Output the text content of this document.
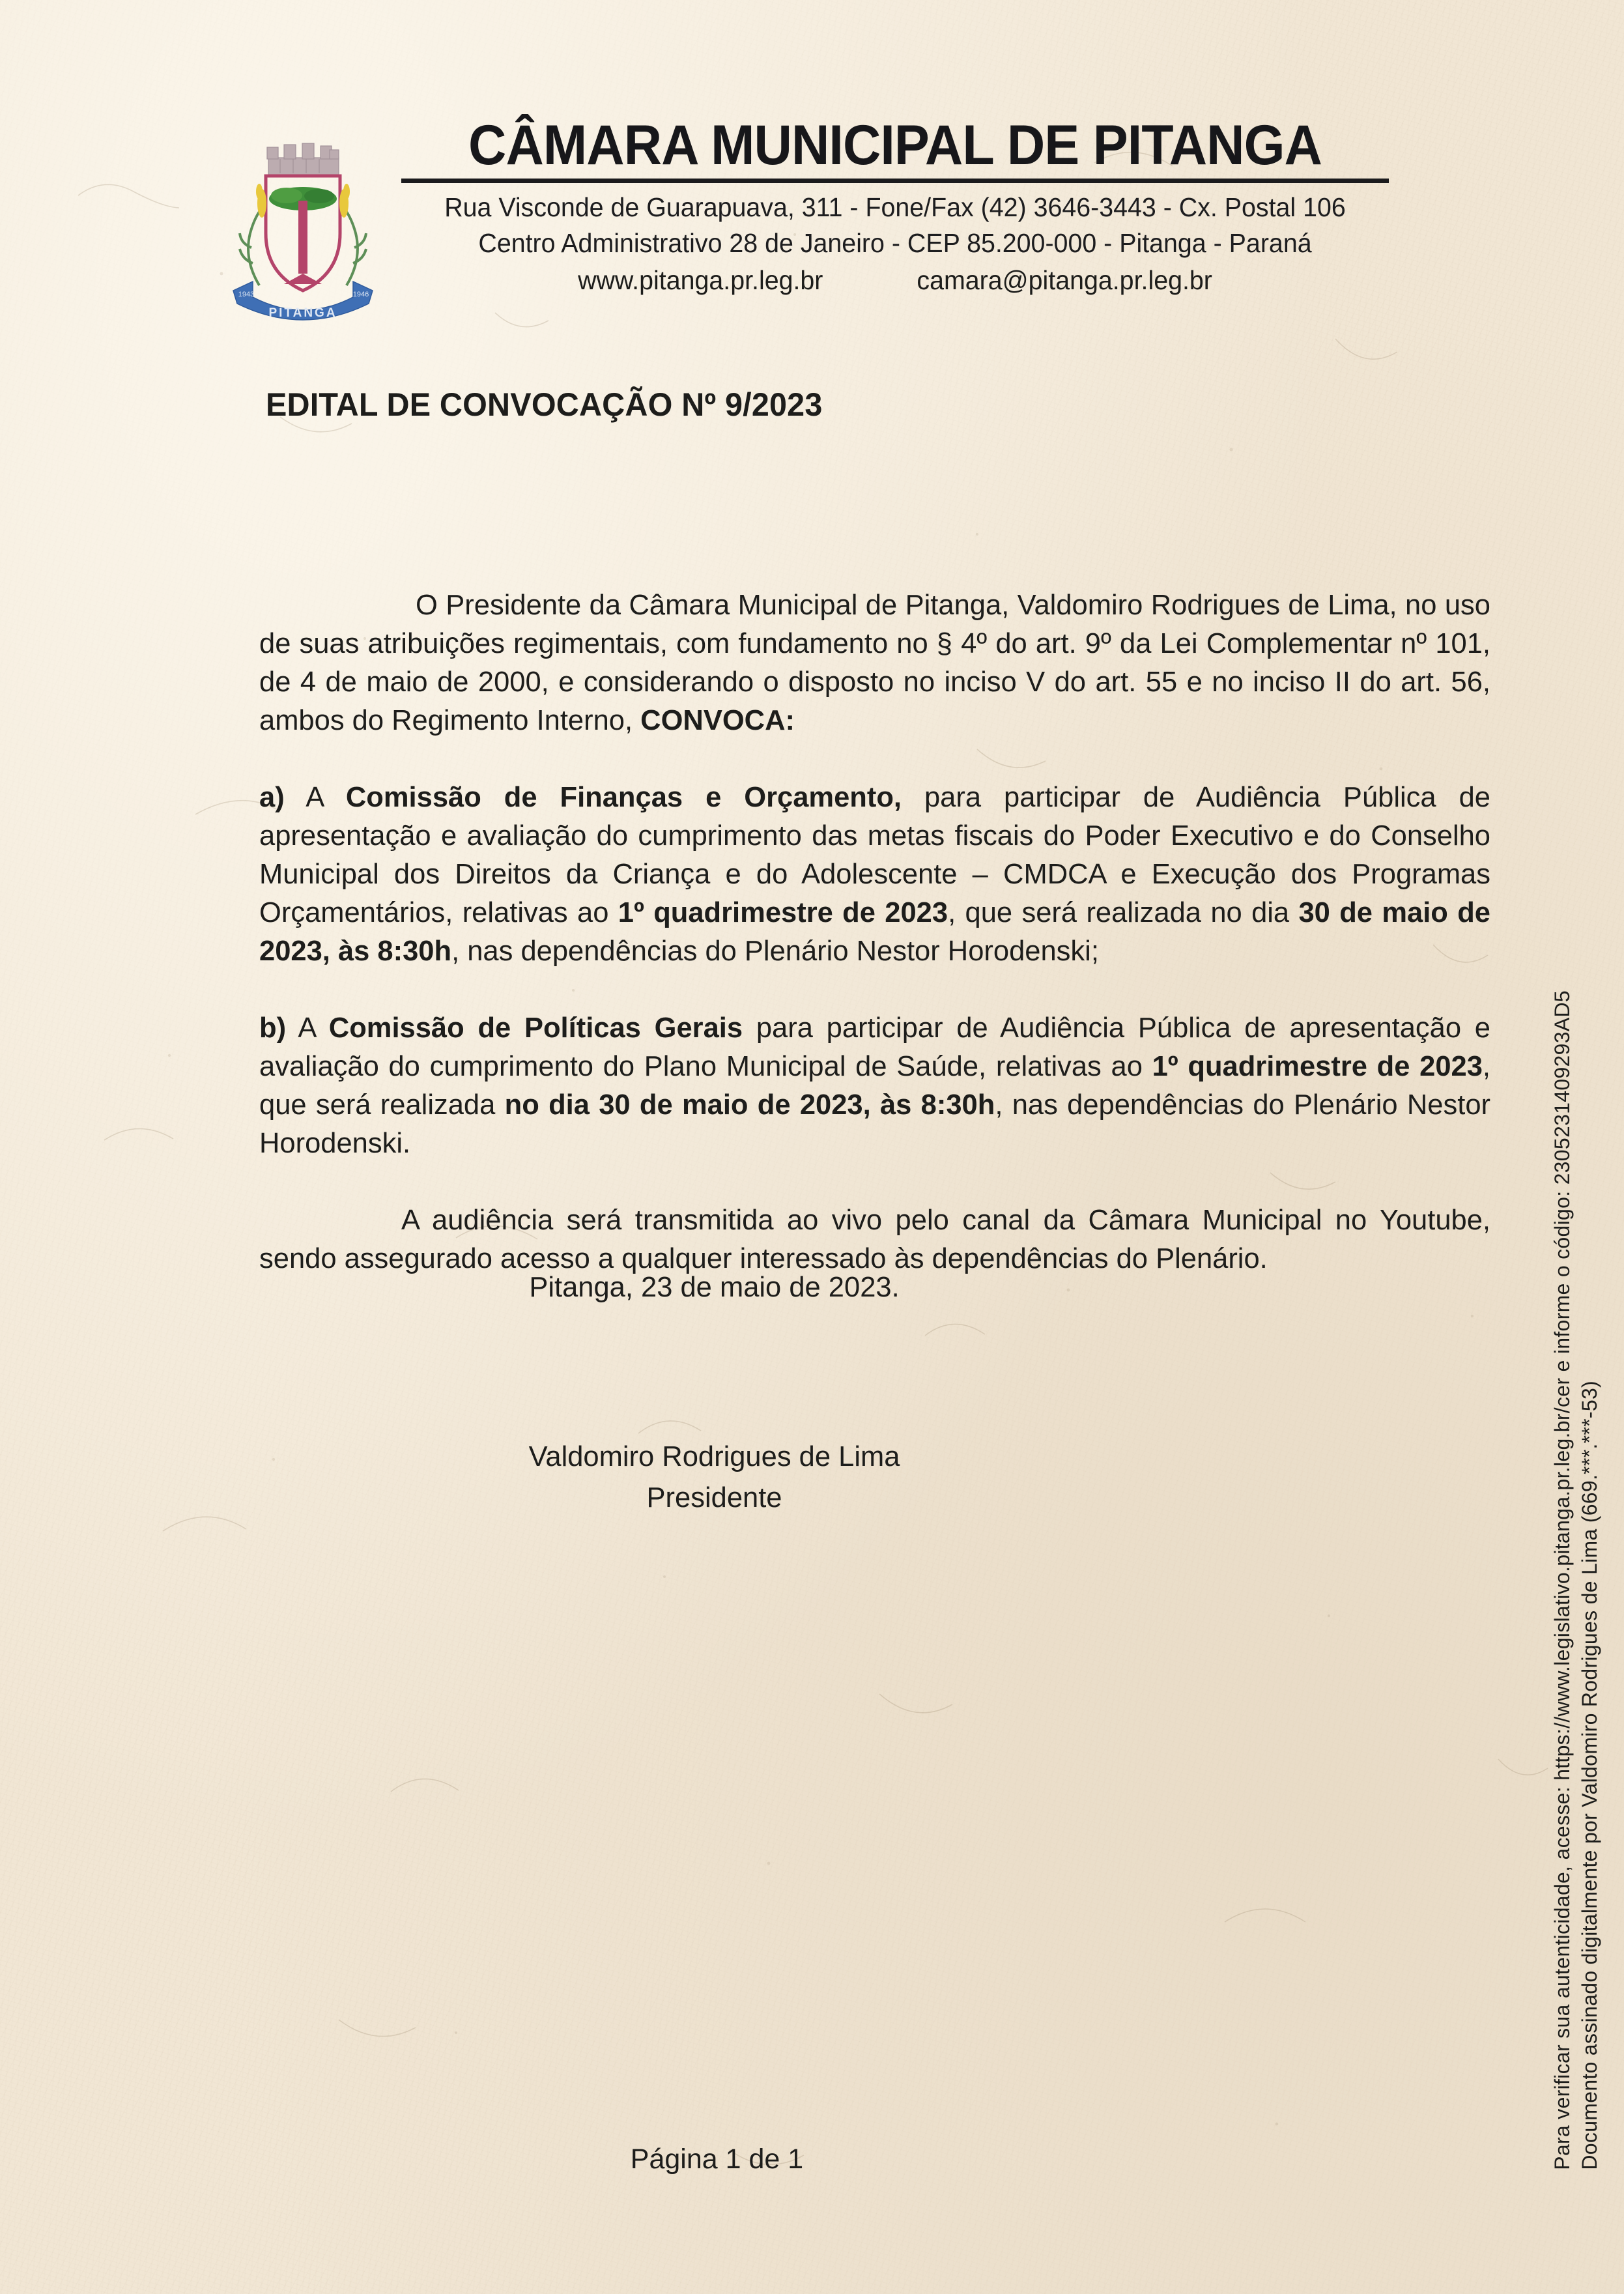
PITANGA
1943	1946
CÂMARA MUNICIPAL DE PITANGA
Rua Visconde de Guarapuava, 311 - Fone/Fax (42) 3646-3443 - Cx. Postal 106
Centro Administrativo 28 de Janeiro - CEP 85.200-000 - Pitanga - Paraná
www.pitanga.pr.leg.br	camara@pitanga.pr.leg.br
EDITAL DE CONVOCAÇÃO Nº 9/2023

O Presidente da Câmara Municipal de Pitanga, Valdomiro Rodrigues de Lima, no uso de suas atribuições regimentais, com fundamento no § 4º do art. 9º da Lei Complementar nº 101, de 4 de maio de 2000, e considerando o disposto no inciso V do art. 55 e no inciso II do art. 56, ambos do Regimento Interno, CONVOCA:

a) A Comissão de Finanças e Orçamento, para participar de Audiência Pública de apresentação e avaliação do cumprimento das metas fiscais do Poder Executivo e do Conselho Municipal dos Direitos da Criança e do Adolescente – CMDCA e Execução dos Programas Orçamentários, relativas ao 1º quadrimestre de 2023, que será realizada no dia 30 de maio de 2023, às 8:30h, nas dependências do Plenário Nestor Horodenski;

b) A Comissão de Políticas Gerais para participar de Audiência Pública de apresentação e avaliação do cumprimento do Plano Municipal de Saúde, relativas ao 1º quadrimestre de 2023, que será realizada no dia 30 de maio de 2023, às 8:30h, nas dependências do Plenário Nestor Horodenski.

A audiência será transmitida ao vivo pelo canal da Câmara Municipal no Youtube, sendo assegurado acesso a qualquer interessado às dependências do Plenário.

Pitanga, 23 de maio de 2023.
Valdomiro Rodrigues de Lima
Presidente
Página 1 de 1	Documento assinado digitalmente por Valdomiro Rodrigues de Lima (669.***.***-53)
Para verificar sua autenticidade, acesse: https://www.legislativo.pitanga.pr.leg.br/cer e informe o código: 2305231409293AD5
